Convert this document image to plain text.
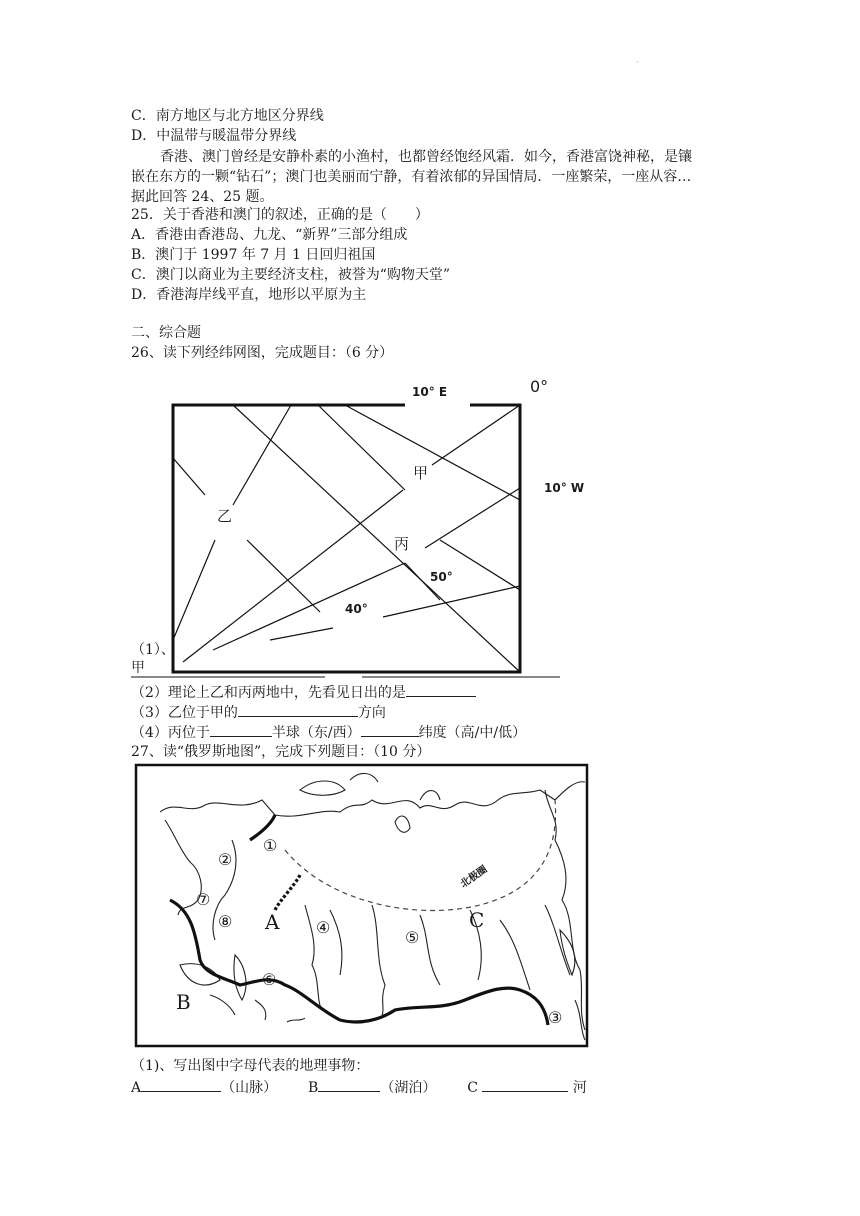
·
C．南方地区与北方地区分界线
D．中温带与暖温带分界线
香港、澳门曾经是安静朴素的小渔村，也都曾经饱经风霜．如今，香港富饶神秘，是镶
嵌在东方的一颗“钻石”；澳门也美丽而宁静，有着浓郁的异国情局．一座繁荣，一座从容…
据此回答 24、25 题。
25．关于香港和澳门的叙述，正确的是（　　）
A．香港由香港岛、九龙、“新界”三部分组成
B．澳门于 1997 年 7 月 1 日回归祖国
C．澳门以商业为主要经济支柱，被誉为“购物天堂”
D．香港海岸线平直，地形以平原为主
二、综合题
26、读下列经纬网图，完成题目：（6 分）
10° E	0°
10° W
50°
40°
甲
乙
丙
（1）、
甲
（2）理论上乙和丙两地中，先看见日出的是
（3）乙位于甲的	方向
（4）丙位于	半球（东/西）	纬度（高/中/低）
27、读“俄罗斯地图”，完成下列题目：（10 分）
北极圈
A
B
C
①
②
③
④
⑤
⑥
⑦
⑧
（1)、写出图中字母代表的地理事物：
A	（山脉） B	（湖泊） C	河
